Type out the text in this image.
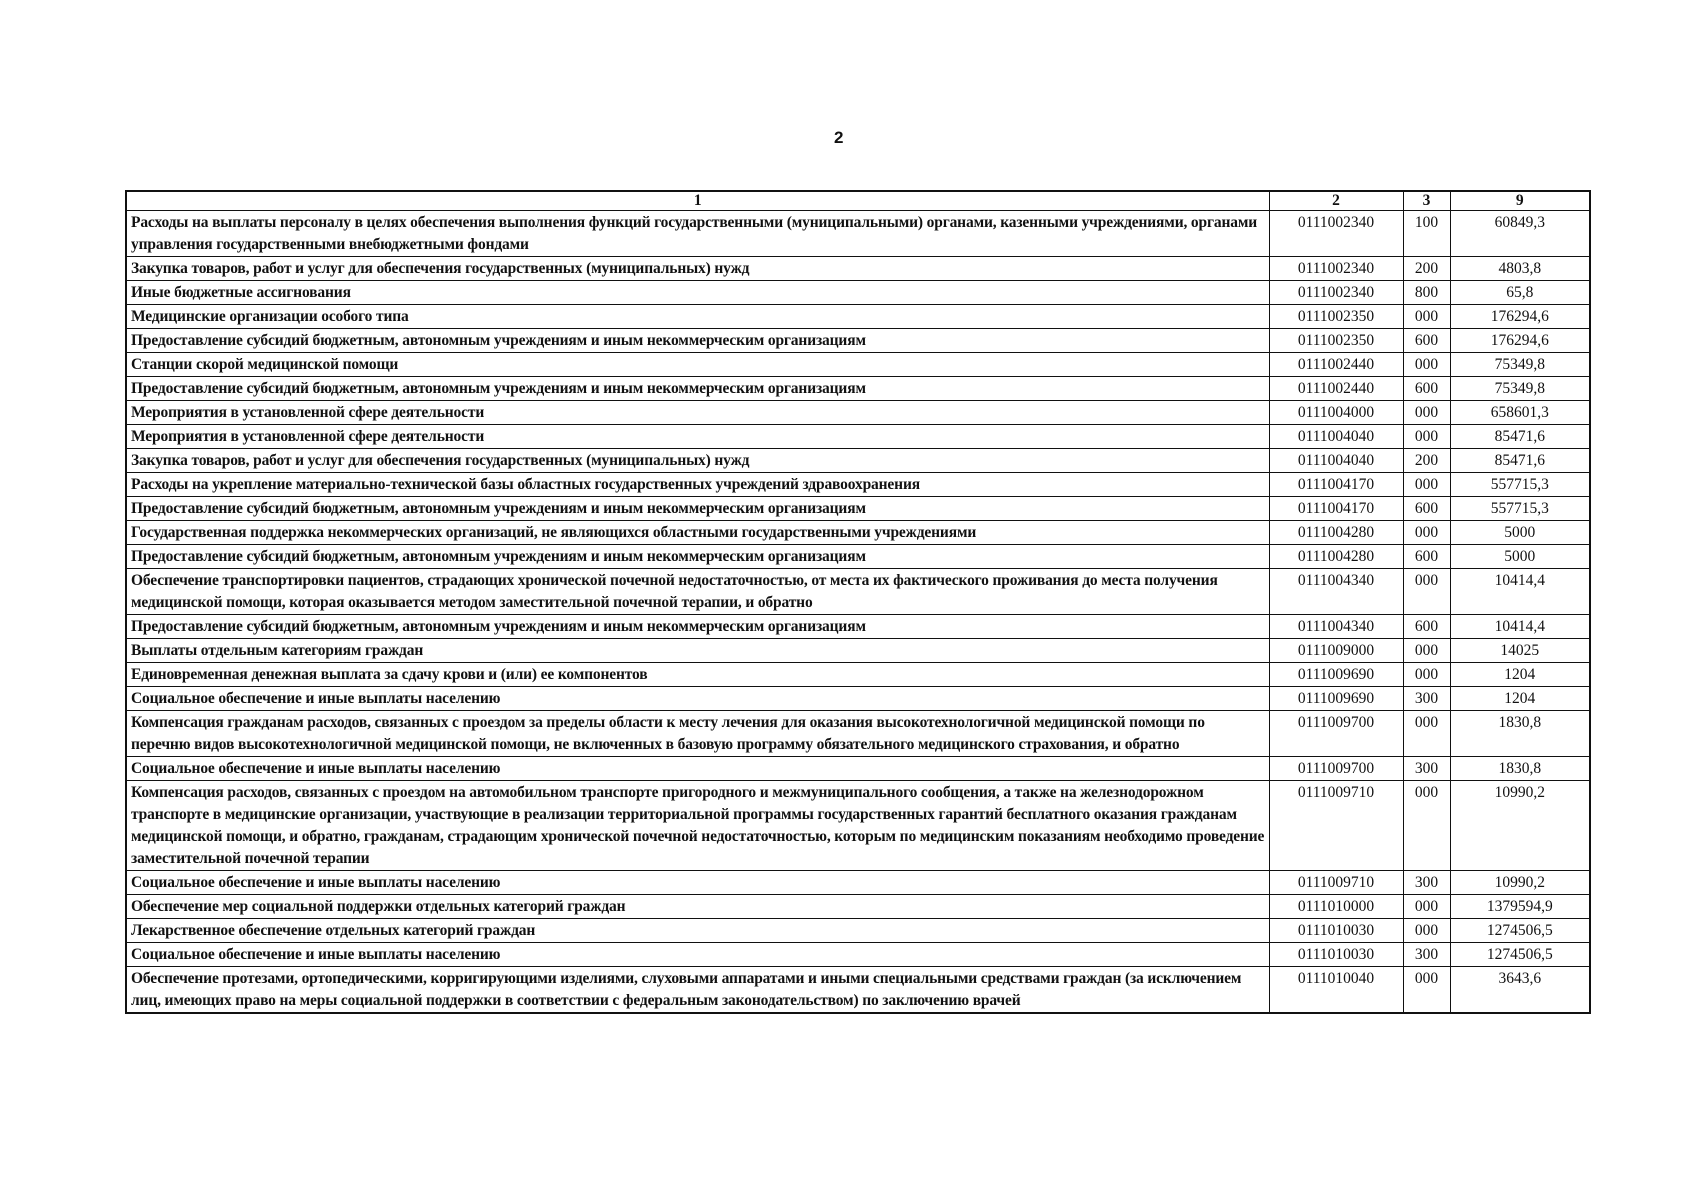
2
1	2	3	9
Расходы на выплаты персоналу в целях обеспечения выполнения функций государственными (муниципальными) органами, казенными учреждениями, органами управления государственными внебюджетными фондами	0111002340	100	60849,3
Закупка товаров, работ и услуг для обеспечения государственных (муниципальных) нужд	0111002340	200	4803,8
Иные бюджетные ассигнования	0111002340	800	65,8
Медицинские организации особого типа	0111002350	000	176294,6
Предоставление субсидий бюджетным, автономным учреждениям и иным некоммерческим организациям	0111002350	600	176294,6
Станции скорой медицинской помощи	0111002440	000	75349,8
Предоставление субсидий бюджетным, автономным учреждениям и иным некоммерческим организациям	0111002440	600	75349,8
Мероприятия в установленной сфере деятельности	0111004000	000	658601,3
Мероприятия в установленной сфере деятельности	0111004040	000	85471,6
Закупка товаров, работ и услуг для обеспечения государственных (муниципальных) нужд	0111004040	200	85471,6
Расходы на укрепление материально-технической базы областных государственных учреждений здравоохранения	0111004170	000	557715,3
Предоставление субсидий бюджетным, автономным учреждениям и иным некоммерческим организациям	0111004170	600	557715,3
Государственная поддержка некоммерческих организаций, не являющихся областными государственными учреждениями	0111004280	000	5000
Предоставление субсидий бюджетным, автономным учреждениям и иным некоммерческим организациям	0111004280	600	5000
Обеспечение транспортировки пациентов, страдающих хронической почечной недостаточностью, от места их фактического проживания до места получения медицинской помощи, которая оказывается методом заместительной почечной терапии, и обратно	0111004340	000	10414,4
Предоставление субсидий бюджетным, автономным учреждениям и иным некоммерческим организациям	0111004340	600	10414,4
Выплаты отдельным категориям граждан	0111009000	000	14025
Единовременная денежная выплата за сдачу крови и (или) ее компонентов	0111009690	000	1204
Социальное обеспечение и иные выплаты населению	0111009690	300	1204
Компенсация гражданам расходов, связанных с проездом за пределы области к месту лечения для оказания высокотехнологичной медицинской помощи по перечню видов высокотехнологичной медицинской помощи, не включенных в базовую программу обязательного медицинского страхования, и обратно	0111009700	000	1830,8
Социальное обеспечение и иные выплаты населению	0111009700	300	1830,8
Компенсация расходов, связанных с проездом на автомобильном транспорте пригородного и межмуниципального сообщения, а также на железнодорожном транспорте в медицинские организации, участвующие в реализации территориальной программы государственных гарантий бесплатного оказания гражданам медицинской помощи, и обратно, гражданам, страдающим хронической почечной недостаточностью, которым по медицинским показаниям необходимо проведение заместительной почечной терапии	0111009710	000	10990,2
Социальное обеспечение и иные выплаты населению	0111009710	300	10990,2
Обеспечение мер социальной поддержки отдельных категорий граждан	0111010000	000	1379594,9
Лекарственное обеспечение отдельных категорий граждан	0111010030	000	1274506,5
Социальное обеспечение и иные выплаты населению	0111010030	300	1274506,5
Обеспечение протезами, ортопедическими, корригирующими изделиями, слуховыми аппаратами и иными специальными средствами граждан (за исключением лиц, имеющих право на меры социальной поддержки в соответствии с федеральным законодательством) по заключению врачей	0111010040	000	3643,6
